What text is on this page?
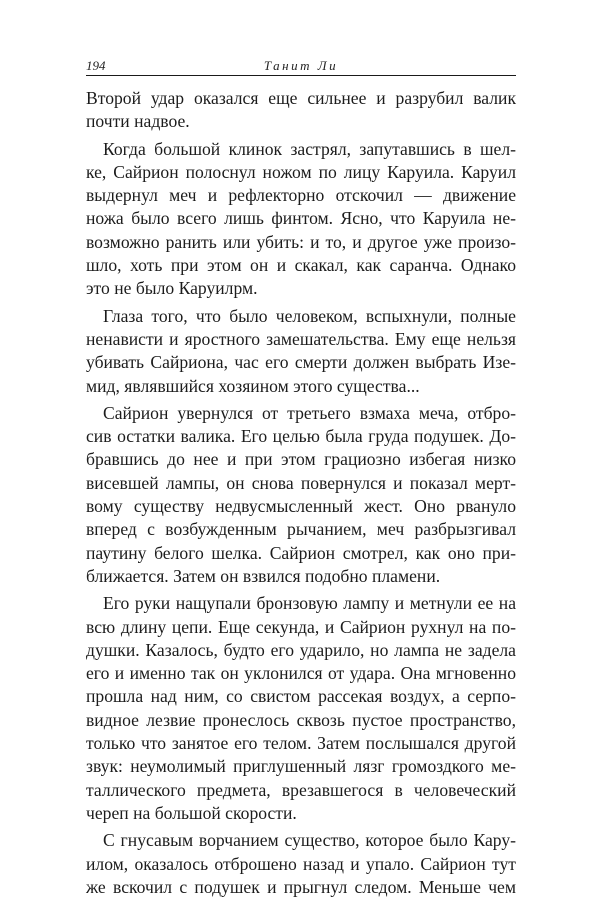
194	Танит Ли

Второй удар оказался еще сильнее и разрубил валик
почти надвое.

Когда большой клинок застрял, запутавшись в шел-
ке, Сайрион полоснул ножом по лицу Каруила. Каруил
выдернул меч и рефлекторно отскочил — движение
ножа было всего лишь финтом. Ясно, что Каруила не-
возможно ранить или убить: и то, и другое уже произо-
шло, хоть при этом он и скакал, как саранча. Однако
это не было Каруилрм.

Глаза того, что было человеком, вспыхнули, полные
ненависти и яростного замешательства. Ему еще нельзя
убивать Сайриона, час его смерти должен выбрать Изе-
мид, являвшийся хозяином этого существа...

Сайрион увернулся от третьего взмаха меча, отбро-
сив остатки валика. Его целью была груда подушек. До-
бравшись до нее и при этом грациозно избегая низко
висевшей лампы, он снова повернулся и показал мерт-
вому существу недвусмысленный жест. Оно рвануло
вперед с возбужденным рычанием, меч разбрызгивал
паутину белого шелка. Сайрион смотрел, как оно при-
ближается. Затем он взвился подобно пламени.

Его руки нащупали бронзовую лампу и метнули ее на
всю длину цепи. Еще секунда, и Сайрион рухнул на по-
душки. Казалось, будто его ударило, но лампа не задела
его и именно так он уклонился от удара. Она мгновенно
прошла над ним, со свистом рассекая воздух, а серпо-
видное лезвие пронеслось сквозь пустое пространство,
только что занятое его телом. Затем послышался другой
звук: неумолимый приглушенный лязг громоздкого ме-
таллического предмета, врезавшегося в человеческий
череп на большой скорости.

С гнусавым ворчанием существо, которое было Кару-
илом, оказалось отброшено назад и упало. Сайрион тут
же вскочил с подушек и прыгнул следом. Меньше чем
